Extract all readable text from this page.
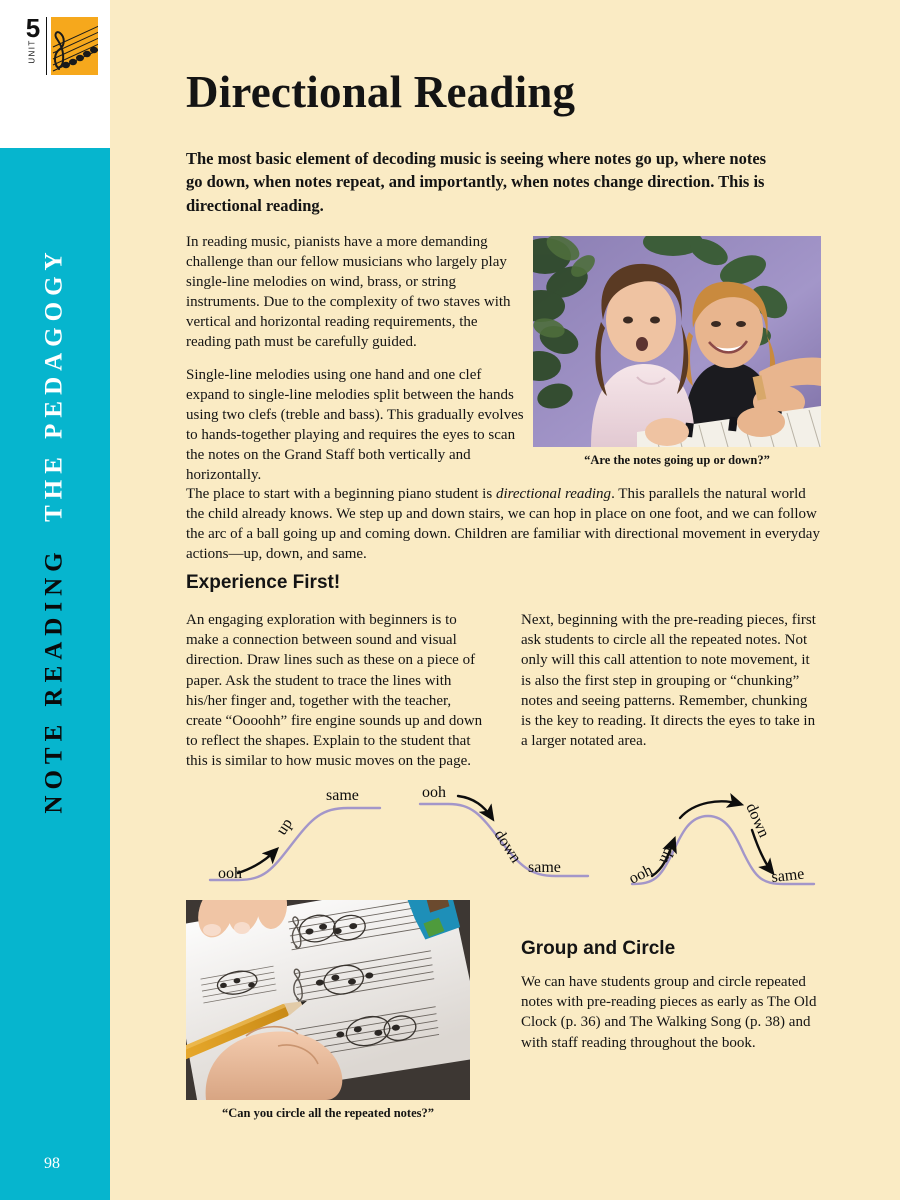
5
UNIT
NOTE READING  THE PEDAGOGY
98
Directional Reading
The most basic element of decoding music is seeing where notes go up, where notes go down, when notes repeat, and importantly, when notes change direction. This is directional reading.

In reading music, pianists have a more demanding challenge than our fellow musicians who largely play single-line melodies on wind, brass, or string instruments. Due to the complexity of two staves with vertical and horizontal reading requirements, the reading path must be carefully guided.

Single-line melodies using one hand and one clef expand to single-line melodies split between the hands using two clefs (treble and bass). This gradually evolves to hands-together playing and requires the eyes to scan the notes on the Grand Staff both vertically and horizontally.

“Are the notes going up or down?”
The place to start with a beginning piano student is directional reading. This parallels the natural world the child already knows. We step up and down stairs, we can hop in place on one foot, and we can follow the arc of a ball going up and coming down. Children are familiar with directional movement in everyday actions—up, down, and same.
Experience First!
An engaging exploration with beginners is to make a connection between sound and visual direction. Draw lines such as these on a piece of paper. Ask the student to trace the lines with his/her finger and, together with the teacher, create “Oooohh” fire engine sounds up and down to reflect the shapes. Explain to the student that this is similar to how music moves on the page.
Next, beginning with the pre-reading pieces, first ask students to circle all the repeated notes. Not only will this call attention to note movement, it is also the first step in grouping or “chunking” notes and seeing patterns. Remember, chunking is the key to reading. It directs the eyes to take in a larger notated area.
ooh
up
same	ooh
down
same	ooh
up
down
same
“Can you circle all the repeated notes?”
Group and Circle
We can have students group and circle repeated notes with pre-reading pieces as early as The Old Clock (p. 36) and The Walking Song (p. 38) and with staff reading throughout the book.
